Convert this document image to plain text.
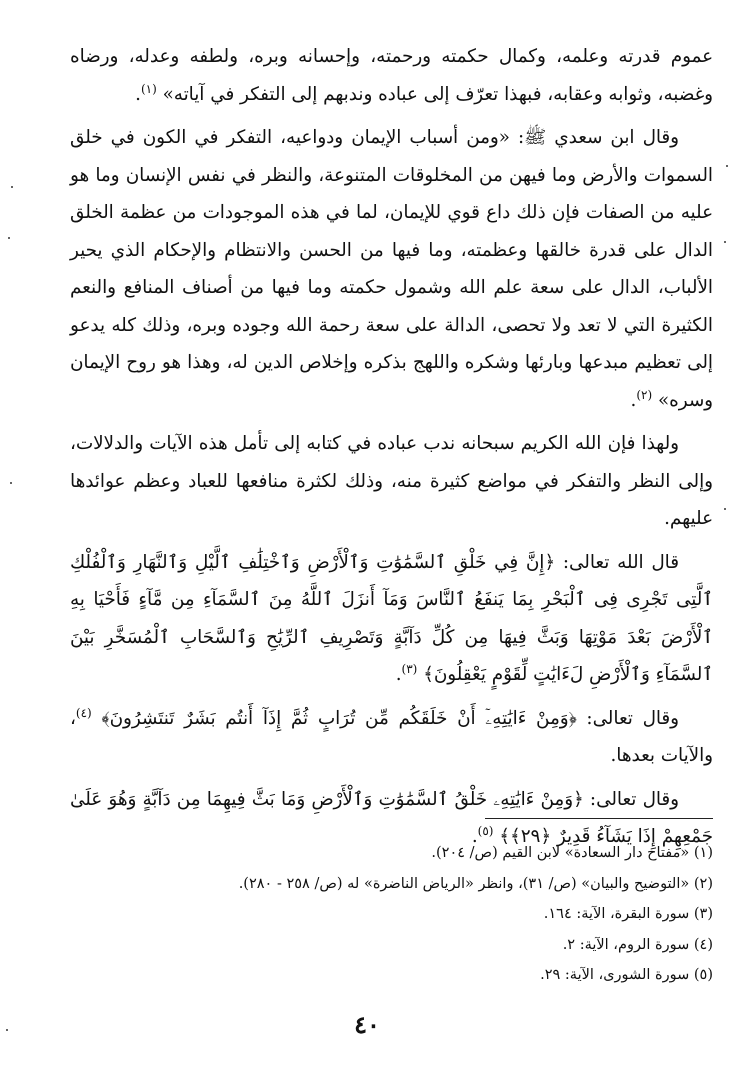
عموم قدرته وعلمه، وكمال حكمته ورحمته، وإحسانه وبره، ولطفه وعدله، ورضاه وغضبه، وثوابه وعقابه، فبهذا تعرّف إلى عباده وندبهم إلى التفكر في آياته» $^{(١)}$.

وقال ابن سعدي ﷺ: «ومن أسباب الإيمان ودواعيه، التفكر في الكون في خلق السموات والأرض وما فيهن من المخلوقات المتنوعة، والنظر في نفس الإنسان وما هو عليه من الصفات فإن ذلك داع قوي للإيمان، لما في هذه الموجودات من عظمة الخلق الدال على قدرة خالقها وعظمته، وما فيها من الحسن والانتظام والإحكام الذي يحير الألباب، الدال على سعة علم الله وشمول حكمته وما فيها من أصناف المنافع والنعم الكثيرة التي لا تعد ولا تحصى، الدالة على سعة رحمة الله وجوده وبره، وذلك كله يدعو إلى تعظيم مبدعها وبارئها وشكره واللهج بذكره وإخلاص الدين له، وهذا هو روح الإيمان وسره» $^{(٢)}$.

ولهذا فإن الله الكريم سبحانه ندب عباده في كتابه إلى تأمل هذه الآيات والدلالات، وإلى النظر والتفكر في مواضع كثيرة منه، وذلك لكثرة منافعها للعباد وعظم عوائدها عليهم.

قال الله تعالى: ﴿إِنَّ فِي خَلْقِ ٱلسَّمَٰوَٰتِ وَٱلْأَرْضِ وَٱخْتِلَٰفِ ٱلَّيْلِ وَٱلنَّهَارِ وَٱلْفُلْكِ ٱلَّتِى تَجْرِى فِى ٱلْبَحْرِ بِمَا يَنفَعُ ٱلنَّاسَ وَمَآ أَنزَلَ ٱللَّهُ مِنَ ٱلسَّمَآءِ مِن مَّآءٍ فَأَحْيَا بِهِ ٱلْأَرْضَ بَعْدَ مَوْتِهَا وَبَثَّ فِيهَا مِن كُلِّ دَآبَّةٍ وَتَصْرِيفِ ٱلرِّيَٰحِ وَٱلسَّحَابِ ٱلْمُسَخَّرِ بَيْنَ ٱلسَّمَآءِ وَٱلْأَرْضِ لَءَايَٰتٍ لِّقَوْمٍ يَعْقِلُونَ﴾ $^{(٣)}$.

وقال تعالى: ﴿وَمِنْ ءَايَٰتِهِۦٓ أَنْ خَلَقَكُم مِّن تُرَابٍ ثُمَّ إِذَآ أَنتُم بَشَرٌ تَنتَشِرُونَ﴾ $^{(٤)}$، والآيات بعدها.

وقال تعالى: ﴿وَمِنْ ءَايَٰتِهِۦ خَلْقُ ٱلسَّمَٰوَٰتِ وَٱلْأَرْضِ وَمَا بَثَّ فِيهِمَا مِن دَآبَّةٍ وَهُوَ عَلَىٰ جَمْعِهِمْ إِذَا يَشَآءُ قَدِيرٌ ﴿٢٩﴾﴾ $^{(٥)}$.

(١) «مفتاح دار السعادة» لابن القيم (ص/ ٢٠٤).
(٢) «التوضيح والبيان» (ص/ ٣١)، وانظر «الرياض الناضرة» له (ص/ ٢٥٨ - ٢٨٠).
(٣) سورة البقرة، الآية: ١٦٤.
(٤) سورة الروم، الآية: ٢.
(٥) سورة الشورى، الآية: ٢٩.
٤٠
